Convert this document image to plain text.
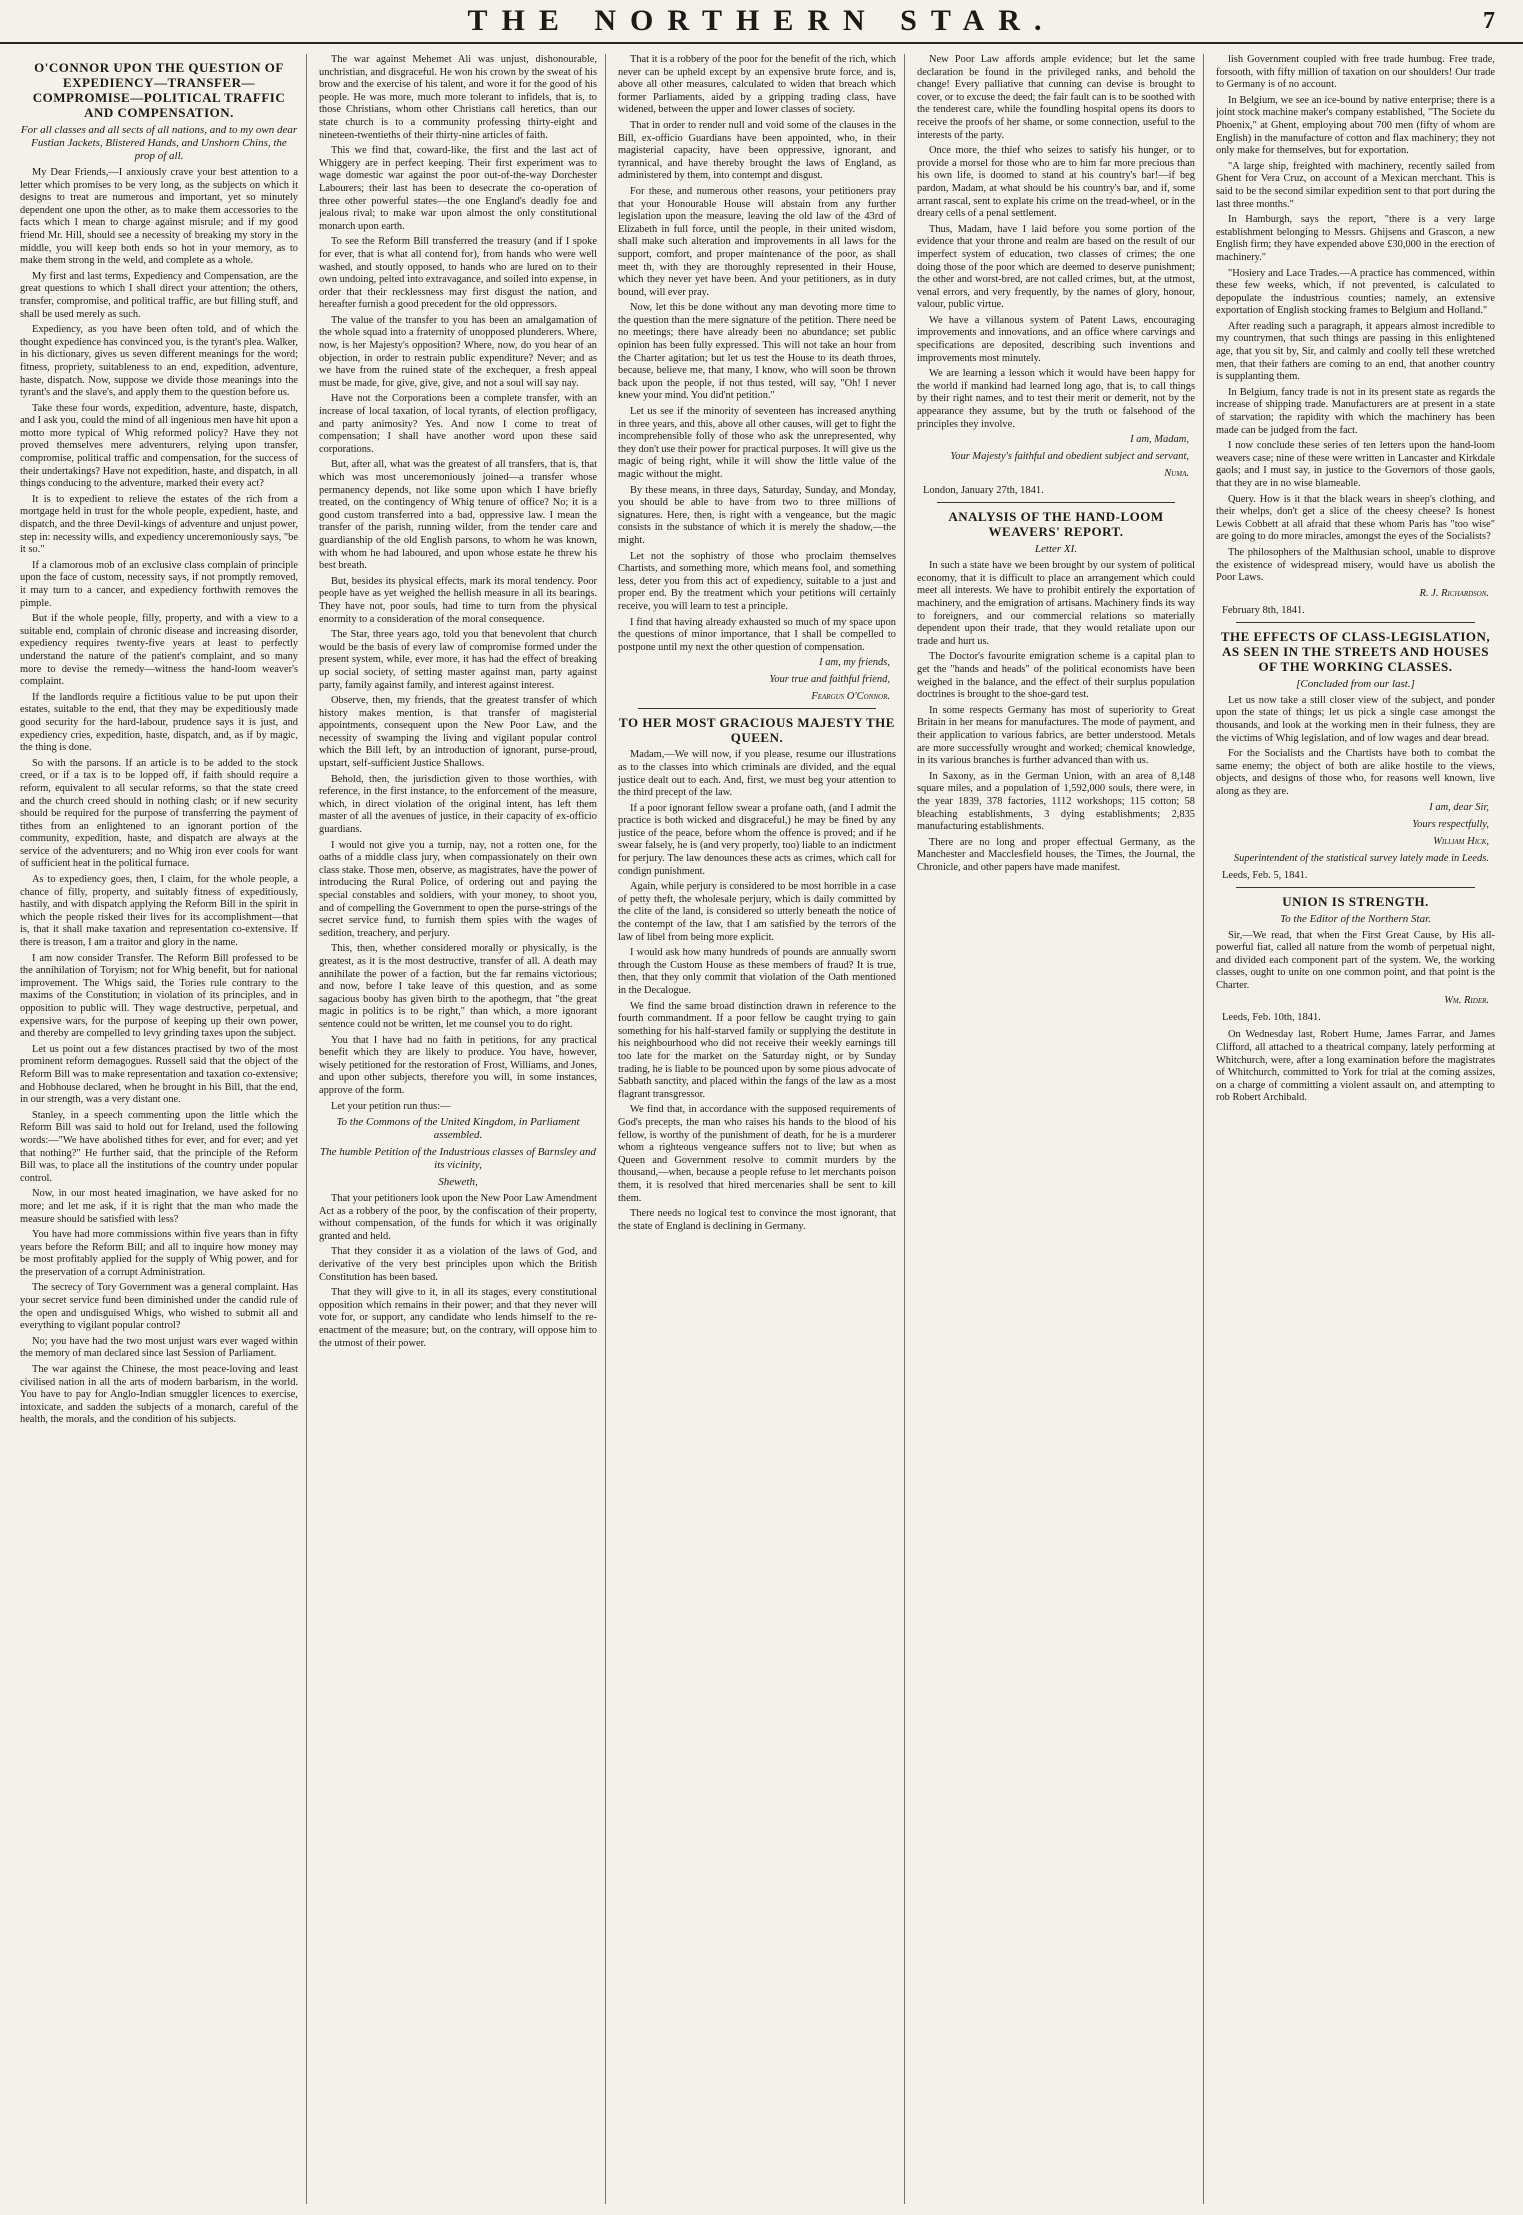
THE NORTHERN STAR.	7
O'CONNOR UPON THE QUESTION OF EXPEDIENCY—TRANSFER—COMPROMISE—POLITICAL TRAFFIC AND COMPENSATION.
For all classes and all sects of all nations, and to my own dear Fustian Jackets, Blistered Hands, and Unshorn Chins, the prop of all.
My Dear Friends,—I anxiously crave your best attention to a letter which promises to be very long, as the subjects on which it designs to treat are numerous and important, yet so minutely dependent one upon the other, as to make them accessories to the facts which I mean to charge against misrule; and if my good friend Mr. Hill, should see a necessity of breaking my story in the middle, you will keep both ends so hot in your memory, as to make them strong in the weld, and complete as a whole.
My first and last terms, Expediency and Compensation, are the great questions to which I shall direct your attention; the others, transfer, compromise, and political traffic, are but filling stuff, and shall be used merely as such.
Expediency, as you have been often told, and of which the thought expedience has convinced you, is the tyrant's plea. Walker, in his dictionary, gives us seven different meanings for the word; fitness, propriety, suitableness to an end, expedition, adventure, haste, dispatch. Now, suppose we divide those meanings into the tyrant's and the slave's, and apply them to the question before us.
Take these four words, expedition, adventure, haste, dispatch, and I ask you, could the mind of all ingenious men have hit upon a motto more typical of Whig reformed policy? Have they not proved themselves mere adventurers, relying upon transfer, compromise, political traffic and compensation, for the success of their undertakings? Have not expedition, haste, and dispatch, in all things conducing to the adventure, marked their every act?
It is to expedient to relieve the estates of the rich from a mortgage held in trust for the whole people, expedient, haste, and dispatch, and the three Devil-kings of adventure and unjust power, step in: necessity wills, and expediency unceremoniously says, "be it so."
If a clamorous mob of an exclusive class complain of principle upon the face of custom, necessity says, if not promptly removed, it may turn to a cancer, and expediency forthwith removes the pimple.
But if the whole people, filly, property, and with a view to a suitable end, complain of chronic disease and increasing disorder, expediency requires twenty-five years at least to perfectly understand the nature of the patient's complaint, and so many more to devise the remedy—witness the hand-loom weaver's complaint.
If the landlords require a fictitious value to be put upon their estates, suitable to the end, that they may be expeditiously made good security for the hard-labour, prudence says it is just, and expediency cries, expedition, haste, dispatch, and, as if by magic, the thing is done.
So with the parsons. If an article is to be added to the stock creed, or if a tax is to be lopped off, if faith should require a reform, equivalent to all secular reforms, so that the state creed and the church creed should in nothing clash; or if new security should be required for the purpose of transferring the payment of tithes from an enlightened to an ignorant portion of the community, expedition, haste, and dispatch are always at the service of the adventurers; and no Whig iron ever cools for want of sufficient heat in the political furnace.
As to expediency goes, then, I claim, for the whole people, a chance of filly, property, and suitably fitness of expeditiously, hastily, and with dispatch applying the Reform Bill in the spirit in which the people risked their lives for its accomplishment—that is, that it shall make taxation and representation co-extensive. If there is treason, I am a traitor and glory in the name.
I am now consider Transfer. The Reform Bill professed to be the annihilation of Toryism; not for Whig benefit, but for national improvement. The Whigs said, the Tories rule contrary to the maxims of the Constitution; in violation of its principles, and in opposition to public will. They wage destructive, perpetual, and expensive wars, for the purpose of keeping up their own power, and thereby are compelled to levy grinding taxes upon the subject.
Let us point out a few distances practised by two of the most prominent reform demagogues. Russell said that the object of the Reform Bill was to make representation and taxation co-extensive; and Hobhouse declared, when he brought in his Bill, that the end, in our strength, was a very distant one.
Stanley, in a speech commenting upon the little which the Reform Bill was said to hold out for Ireland, used the following words:—"We have abolished tithes for ever, and for ever; and yet that nothing?" He further said, that the principle of the Reform Bill was, to place all the institutions of the country under popular control.
Now, in our most heated imagination, we have asked for no more; and let me ask, if it is right that the man who made the measure should be satisfied with less?
You have had more commissions within five years than in fifty years before the Reform Bill; and all to inquire how money may be most profitably applied for the supply of Whig power, and for the preservation of a corrupt Administration.
The secrecy of Tory Government was a general complaint. Has your secret service fund been diminished under the candid rule of the open and undisguised Whigs, who wished to submit all and everything to vigilant popular control?
No; you have had the two most unjust wars ever waged within the memory of man declared since last Session of Parliament.
The war against the Chinese, the most peace-loving and least civilised nation in all the arts of modern barbarism, in the world. You have to pay for Anglo-Indian smuggler licences to exercise, intoxicate, and sadden the subjects of a monarch, careful of the health, the morals, and the condition of his subjects.
The war against Mehemet Ali was unjust, dishonourable, unchristian, and disgraceful. He won his crown by the sweat of his brow and the exercise of his talent, and wore it for the good of his people. He was more, much more tolerant to infidels, that is, to those Christians, whom other Christians call heretics, than our state church is to a community professing thirty-eight and nineteen-twentieths of their thirty-nine articles of faith.
This we find that, coward-like, the first and the last act of Whiggery are in perfect keeping. Their first experiment was to wage domestic war against the poor out-of-the-way Dorchester Labourers; their last has been to desecrate the co-operation of three other powerful states—the one England's deadly foe and jealous rival; to make war upon almost the only constitutional monarch upon earth.
To see the Reform Bill transferred the treasury (and if I spoke for ever, that is what all contend for), from hands who were well washed, and stoutly opposed, to hands who are lured on to their own undoing, pelted into extravagance, and soiled into expense, in order that their recklessness may first disgust the nation, and hereafter furnish a good precedent for the old oppressors.
The value of the transfer to you has been an amalgamation of the whole squad into a fraternity of unopposed plunderers. Where, now, is her Majesty's opposition? Where, now, do you hear of an objection, in order to restrain public expenditure? Never; and as we have from the ruined state of the exchequer, a fresh appeal must be made, for give, give, give, and not a soul will say nay.
Have not the Corporations been a complete transfer, with an increase of local taxation, of local tyrants, of election profligacy, and party animosity? Yes. And now I come to treat of compensation; I shall have another word upon these said corporations.
But, after all, what was the greatest of all transfers, that is, that which was most unceremoniously joined—a transfer whose permanency depends, not like some upon which I have briefly treated, on the contingency of Whig tenure of office? No; it is a good custom transferred into a bad, oppressive law. I mean the transfer of the parish, running wilder, from the tender care and guardianship of the old English parsons, to whom he was known, with whom he had laboured, and upon whose estate he threw his best breath.
But, besides its physical effects, mark its moral tendency. Poor people have as yet weighed the hellish measure in all its bearings. They have not, poor souls, had time to turn from the physical enormity to a consideration of the moral consequence.
The Star, three years ago, told you that benevolent that church would be the basis of every law of compromise formed under the present system, while, ever more, it has had the effect of breaking up social society, of setting master against man, party against party, family against family, and interest against interest.
Observe, then, my friends, that the greatest transfer of which history makes mention, is that transfer of magisterial appointments, consequent upon the New Poor Law, and the necessity of swamping the living and vigilant popular control which the Bill left, by an introduction of ignorant, purse-proud, upstart, self-sufficient Justice Shallows.
Behold, then, the jurisdiction given to those worthies, with reference, in the first instance, to the enforcement of the measure, which, in direct violation of the original intent, has left them master of all the avenues of justice, in their capacity of ex-officio guardians.
I would not give you a turnip, nay, not a rotten one, for the oaths of a middle class jury, when compassionately on their own class stake. Those men, observe, as magistrates, have the power of introducing the Rural Police, of ordering out and paying the special constables and soldiers, with your money, to shoot you, and of compelling the Government to open the purse-strings of the secret service fund, to furnish them spies with the wages of sedition, treachery, and perjury.
This, then, whether considered morally or physically, is the greatest, as it is the most destructive, transfer of all. A death may annihilate the power of a faction, but the far remains victorious; and now, before I take leave of this question, and as some sagacious booby has given birth to the apothegm, that "the great magic in politics is to be right," than which, a more ignorant sentence could not be written, let me counsel you to do right.
You that I have had no faith in petitions, for any practical benefit which they are likely to produce. You have, however, wisely petitioned for the restoration of Frost, Williams, and Jones, and upon other subjects, therefore you will, in some instances, approve of the form.
Let your petition run thus:—
To the Commons of the United Kingdom, in Parliament assembled.
The humble Petition of the Industrious classes of Barnsley and its vicinity,
Sheweth,
That your petitioners look upon the New Poor Law Amendment Act as a robbery of the poor, by the confiscation of their property, without compensation, of the funds for which it was originally granted and held.
That they consider it as a violation of the laws of God, and derivative of the very best principles upon which the British Constitution has been based.
That they will give to it, in all its stages, every constitutional opposition which remains in their power; and that they never will vote for, or support, any candidate who lends himself to the re-enactment of the measure; but, on the contrary, will oppose him to the utmost of their power.
That it is a robbery of the poor for the benefit of the rich, which never can be upheld except by an expensive brute force, and is, above all other measures, calculated to widen that breach which former Parliaments, aided by a gripping trading class, have widened, between the upper and lower classes of society.
That in order to render null and void some of the clauses in the Bill, ex-officio Guardians have been appointed, who, in their magisterial capacity, have been oppressive, ignorant, and tyrannical, and have thereby brought the laws of England, as administered by them, into contempt and disgust.
For these, and numerous other reasons, your petitioners pray that your Honourable House will abstain from any further legislation upon the measure, leaving the old law of the 43rd of Elizabeth in full force, until the people, in their united wisdom, shall make such alteration and improvements in all laws for the support, comfort, and proper maintenance of the poor, as shall meet th, with they are thoroughly represented in their House, which they never yet have been. And your petitioners, as in duty bound, will ever pray.
Now, let this be done without any man devoting more time to the question than the mere signature of the petition. There need be no meetings; there have already been no abundance; set public opinion has been fully expressed. This will not take an hour from the Charter agitation; but let us test the House to its death throes, because, believe me, that many, I know, who will soon be thrown back upon the people, if not thus tested, will say, "Oh! I never knew your mind. You did'nt petition."
Let us see if the minority of seventeen has increased anything in three years, and this, above all other causes, will get to fight the incomprehensible folly of those who ask the unrepresented, why they don't use their power for practical purposes. It will give us the magic of being right, while it will show the little value of the magic without the might.
By these means, in three days, Saturday, Sunday, and Monday, you should be able to have from two to three millions of signatures. Here, then, is right with a vengeance, but the magic consists in the substance of which it is merely the shadow,—the might.
Let not the sophistry of those who proclaim themselves Chartists, and something more, which means fool, and something less, deter you from this act of expediency, suitable to a just and proper end. By the treatment which your petitions will certainly receive, you will learn to test a principle.
I find that having already exhausted so much of my space upon the questions of minor importance, that I shall be compelled to postpone until my next the other question of compensation.
I am, my friends,
Your true and faithful friend,
Feargus O'Connor.
TO HER MOST GRACIOUS MAJESTY THE QUEEN.
Madam,—We will now, if you please, resume our illustrations as to the classes into which criminals are divided, and the equal justice dealt out to each. And, first, we must beg your attention to the third precept of the law.
If a poor ignorant fellow swear a profane oath, (and I admit the practice is both wicked and disgraceful,) he may be fined by any justice of the peace, before whom the offence is proved; and if he swear falsely, he is (and very properly, too) liable to an indictment for perjury. The law denounces these acts as crimes, which call for condign punishment.
Again, while perjury is considered to be most horrible in a case of petty theft, the wholesale perjury, which is daily committed by the clite of the land, is considered so utterly beneath the notice of the contempt of the law, that I am satisfied by the terrors of the law of libel from being more explicit.
I would ask how many hundreds of pounds are annually sworn through the Custom House as these members of fraud? It is true, then, that they only commit that violation of the Oath mentioned in the Decalogue.
We find the same broad distinction drawn in reference to the fourth commandment. If a poor fellow be caught trying to gain something for his half-starved family or supplying the destitute in his neighbourhood who did not receive their weekly earnings till too late for the market on the Saturday night, or by Sunday trading, he is liable to be pounced upon by some pious advocate of Sabbath sanctity, and placed within the fangs of the law as a most flagrant transgressor.
We find that, in accordance with the supposed requirements of God's precepts, the man who raises his hands to the blood of his fellow, is worthy of the punishment of death, for he is a murderer whom a righteous vengeance suffers not to live; but when as Queen and Government resolve to commit murders by the thousand,—when, because a people refuse to let merchants poison them, it is resolved that hired mercenaries shall be sent to kill them.
There needs no logical test to convince the most ignorant, that the state of England is declining in Germany.
New Poor Law affords ample evidence; but let the same declaration be found in the privileged ranks, and behold the change! Every palliative that cunning can devise is brought to cover, or to excuse the deed; the fair fault can is to be soothed with the tenderest care, while the foundling hospital opens its doors to receive the proofs of her shame, or some connection, useful to the interests of the party.
Once more, the thief who seizes to satisfy his hunger, or to provide a morsel for those who are to him far more precious than his own life, is doomed to stand at his country's bar!—if beg pardon, Madam, at what should be his country's bar, and if, some arrant rascal, sent to explate his crime on the tread-wheel, or in the dreary cells of a penal settlement.
Thus, Madam, have I laid before you some portion of the evidence that your throne and realm are based on the result of our imperfect system of education, two classes of crimes; the one doing those of the poor which are deemed to deserve punishment; the other and worst-bred, are not called crimes, but, at the utmost, venal errors, and very frequently, by the names of glory, honour, valour, public virtue.
We have a villanous system of Patent Laws, encouraging improvements and innovations, and an office where carvings and specifications are deposited, describing such inventions and improvements most minutely.
We are learning a lesson which it would have been happy for the world if mankind had learned long ago, that is, to call things by their right names, and to test their merit or demerit, not by the appearance they assume, but by the truth or falsehood of the principles they involve.
I am, Madam,
Your Majesty's faithful and obedient subject and servant,
Numa.
London, January 27th, 1841.
ANALYSIS OF THE HAND-LOOM WEAVERS' REPORT.
Letter XI.
In such a state have we been brought by our system of political economy, that it is difficult to place an arrangement which could meet all interests. We have to prohibit entirely the exportation of machinery, and the emigration of artisans. Machinery finds its way to foreigners, and our commercial relations so materially dependent upon their trade, that they would retaliate upon our trade and hurt us.
The Doctor's favourite emigration scheme is a capital plan to get the "hands and heads" of the political economists have been weighed in the balance, and the effect of their surplus population doctrines is brought to the shoe-gard test.
In some respects Germany has most of superiority to Great Britain in her means for manufactures. The mode of payment, and their application to various fabrics, are better understood. Metals are more successfully wrought and worked; chemical knowledge, in its various branches is further advanced than with us.
In Saxony, as in the German Union, with an area of 8,148 square miles, and a population of 1,592,000 souls, there were, in the year 1839, 378 factories, 1112 workshops; 115 cotton; 58 bleaching establishments, 3 dying establishments; 2,835 manufacturing establishments.
There are no long and proper effectual Germany, as the Manchester and Macclesfield houses, the Times, the Journal, the Chronicle, and other papers have made manifest.
lish Government coupled with free trade humbug. Free trade, forsooth, with fifty million of taxation on our shoulders! Our trade to Germany is of no account.
In Belgium, we see an ice-bound by native enterprise; there is a joint stock machine maker's company established, "The Societe du Phoenix," at Ghent, employing about 700 men (fifty of whom are English) in the manufacture of cotton and flax machinery; they not only make for themselves, but for exportation.
"A large ship, freighted with machinery, recently sailed from Ghent for Vera Cruz, on account of a Mexican merchant. This is said to be the second similar expedition sent to that port during the last three months."
In Hamburgh, says the report, "there is a very large establishment belonging to Messrs. Ghijsens and Grascon, a new English firm; they have expended above £30,000 in the erection of machinery."
"Hosiery and Lace Trades.—A practice has commenced, within these few weeks, which, if not prevented, is calculated to depopulate the industrious counties; namely, an extensive exportation of English stocking frames to Belgium and Holland."
After reading such a paragraph, it appears almost incredible to my countrymen, that such things are passing in this enlightened age, that you sit by, Sir, and calmly and coolly tell these wretched men, that their fathers are coming to an end, that another country is supplanting them.
In Belgium, fancy trade is not in its present state as regards the increase of shipping trade. Manufacturers are at present in a state of starvation; the rapidity with which the machinery has been made can be judged from the fact.
I now conclude these series of ten letters upon the hand-loom weavers case; nine of these were written in Lancaster and Kirkdale gaols; and I must say, in justice to the Governors of those gaols, that they are in no wise blameable.
Query. How is it that the black wears in sheep's clothing, and their whelps, don't get a slice of the cheesy cheese? Is honest Lewis Cobbett at all afraid that these whom Paris has "too wise" are going to do more miracles, amongst the eyes of the Socialists?
The philosophers of the Malthusian school, unable to disprove the existence of widespread misery, would have us abolish the Poor Laws.
R. J. Richardson.
February 8th, 1841.
THE EFFECTS OF CLASS-LEGISLATION, AS SEEN IN THE STREETS AND HOUSES OF THE WORKING CLASSES.
[Concluded from our last.]
Let us now take a still closer view of the subject, and ponder upon the state of things; let us pick a single case amongst the thousands, and look at the working men in their fulness, they are the victims of Whig legislation, and of low wages and dear bread.
For the Socialists and the Chartists have both to combat the same enemy; the object of both are alike hostile to the views, objects, and designs of those who, for reasons well known, live along as they are.
I am, dear Sir,
Yours respectfully,
William Hick,
Superintendent of the statistical survey lately made in Leeds.
Leeds, Feb. 5, 1841.
UNION IS STRENGTH.
To the Editor of the Northern Star.
Sir,—We read, that when the First Great Cause, by His all-powerful fiat, called all nature from the womb of perpetual night, and divided each component part of the system. We, the working classes, ought to unite on one common point, and that point is the Charter.
Wm. Rider.
Leeds, Feb. 10th, 1841.
On Wednesday last, Robert Hume, James Farrar, and James Clifford, all attached to a theatrical company, lately performing at Whitchurch, were, after a long examination before the magistrates of Whitchurch, committed to York for trial at the coming assizes, on a charge of committing a violent assault on, and attempting to rob Robert Archibald.
